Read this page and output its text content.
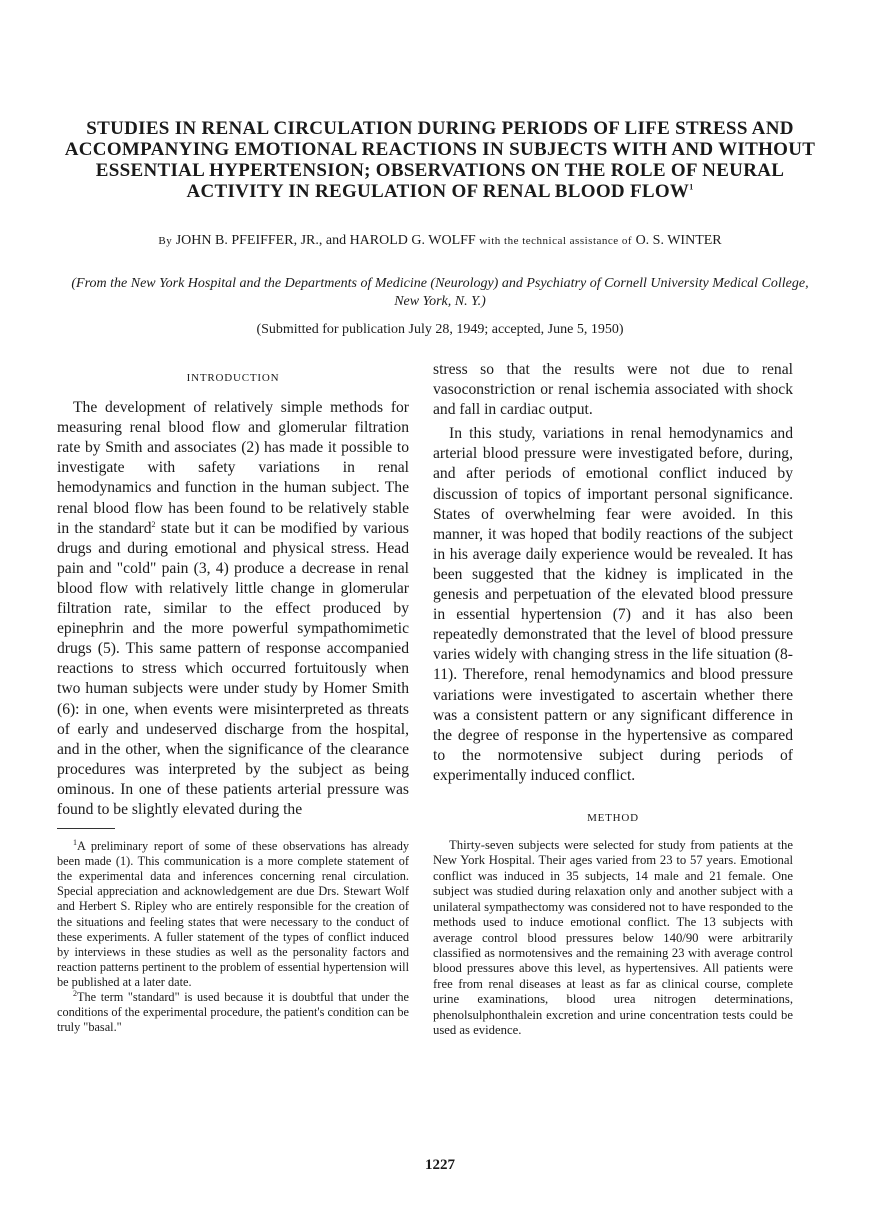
STUDIES IN RENAL CIRCULATION DURING PERIODS OF LIFE STRESS AND ACCOMPANYING EMOTIONAL REACTIONS IN SUBJECTS WITH AND WITHOUT ESSENTIAL HYPERTENSION; OBSERVATIONS ON THE ROLE OF NEURAL ACTIVITY IN REGULATION OF RENAL BLOOD FLOW$^1$
By JOHN B. PFEIFFER, JR., and HAROLD G. WOLFF with the technical assistance of O. S. WINTER
(From the New York Hospital and the Departments of Medicine (Neurology) and Psychiatry of Cornell University Medical College, New York, N. Y.)
(Submitted for publication July 28, 1949; accepted, June 5, 1950)
INTRODUCTION

The development of relatively simple methods for measuring renal blood flow and glomerular filtration rate by Smith and associates (2) has made it possible to investigate with safety variations in renal hemodynamics and function in the human subject. The renal blood flow has been found to be relatively stable in the standard$^2$ state but it can be modified by various drugs and during emotional and physical stress. Head pain and "cold" pain (3, 4) produce a decrease in renal blood flow with relatively little change in glomerular filtration rate, similar to the effect produced by epinephrin and the more powerful sympathomimetic drugs (5). This same pattern of response accompanied reactions to stress which occurred fortuitously when two human subjects were under study by Homer Smith (6): in one, when events were misinterpreted as threats of early and undeserved discharge from the hospital, and in the other, when the significance of the clearance procedures was interpreted by the subject as being ominous. In one of these patients arterial pressure was found to be slightly elevated during the

$^1$A preliminary report of some of these observations has already been made (1). This communication is a more complete statement of the experimental data and inferences concerning renal circulation. Special appreciation and acknowledgement are due Drs. Stewart Wolf and Herbert S. Ripley who are entirely responsible for the creation of the situations and feeling states that were necessary to the conduct of these experiments. A fuller statement of the types of conflict induced by interviews in these studies as well as the personality factors and reaction patterns pertinent to the problem of essential hypertension will be published at a later date.

$^2$The term "standard" is used because it is doubtful that under the conditions of the experimental procedure, the patient's condition can be truly "basal."

stress so that the results were not due to renal vasoconstriction or renal ischemia associated with shock and fall in cardiac output.

In this study, variations in renal hemodynamics and arterial blood pressure were investigated before, during, and after periods of emotional conflict induced by discussion of topics of important personal significance. States of overwhelming fear were avoided. In this manner, it was hoped that bodily reactions of the subject in his average daily experience would be revealed. It has been suggested that the kidney is implicated in the genesis and perpetuation of the elevated blood pressure in essential hypertension (7) and it has also been repeatedly demonstrated that the level of blood pressure varies widely with changing stress in the life situation (8-11). Therefore, renal hemodynamics and blood pressure variations were investigated to ascertain whether there was a consistent pattern or any significant difference in the degree of response in the hypertensive as compared to the normotensive subject during periods of experimentally induced conflict.

METHOD

Thirty-seven subjects were selected for study from patients at the New York Hospital. Their ages varied from 23 to 57 years. Emotional conflict was induced in 35 subjects, 14 male and 21 female. One subject was studied during relaxation only and another subject with a unilateral sympathectomy was considered not to have responded to the methods used to induce emotional conflict. The 13 subjects with average control blood pressures below 140/90 were arbitrarily classified as normotensives and the remaining 23 with average control blood pressures above this level, as hypertensives. All patients were free from renal diseases at least as far as clinical course, complete urine examinations, blood urea nitrogen determinations, phenolsulphonthalein excretion and urine concentration tests could be used as evidence.

1227
